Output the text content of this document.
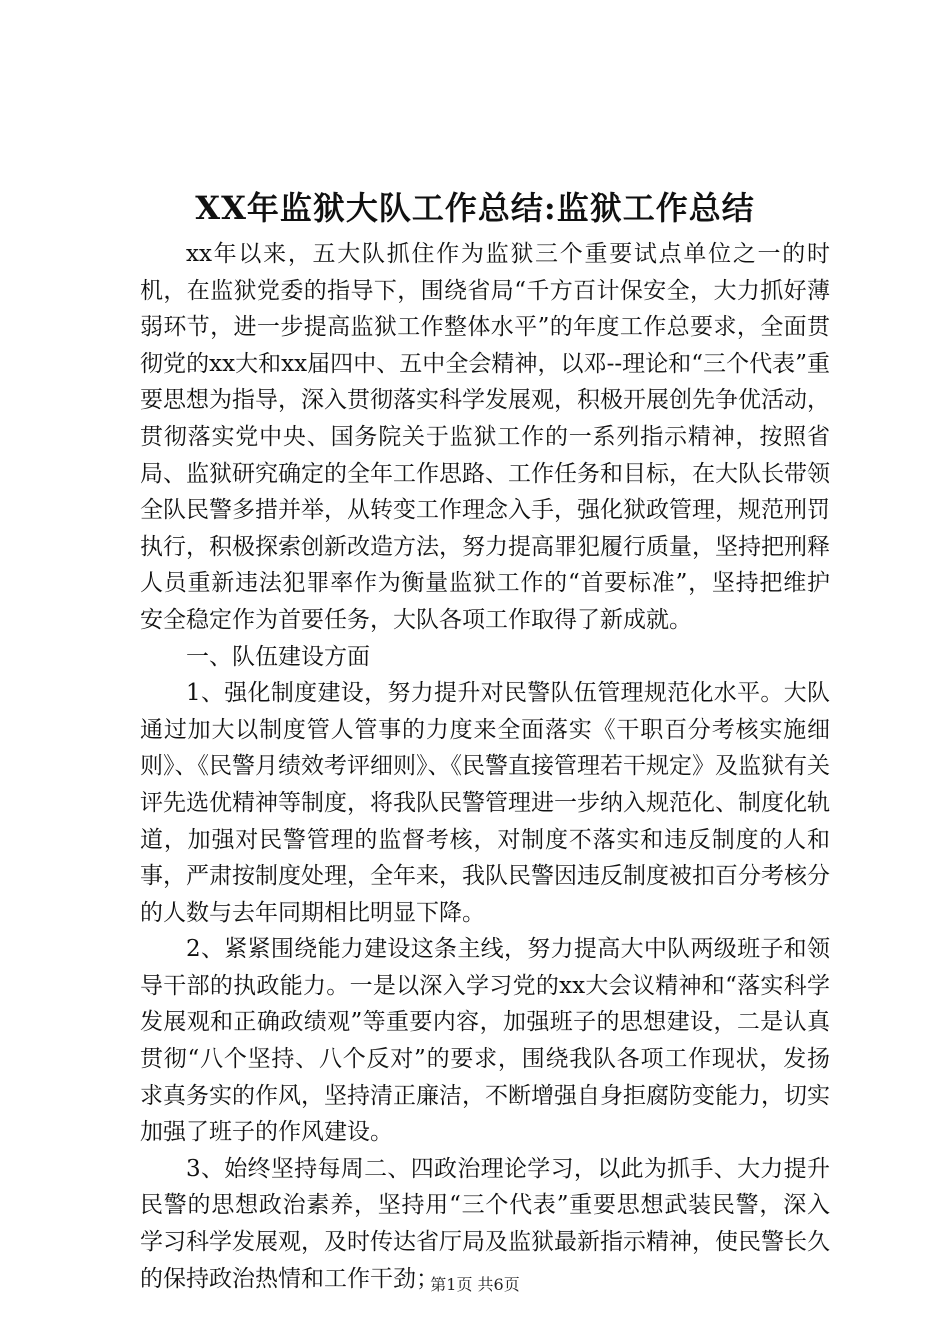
XX年监狱大队工作总结:监狱工作总结

xx年以来，五大队抓住作为监狱三个重要试点单位之一的时机，在监狱党委的指导下，围绕省局“千方百计保安全，大力抓好薄弱环节，进一步提高监狱工作整体水平”的年度工作总要求，全面贯彻党的xx大和xx届四中、五中全会精神，以邓--理论和“三个代表”重要思想为指导，深入贯彻落实科学发展观，积极开展创先争优活动，贯彻落实党中央、国务院关于监狱工作的一系列指示精神，按照省局、监狱研究确定的全年工作思路、工作任务和目标，在大队长带领全队民警多措并举，从转变工作理念入手，强化狱政管理，规范刑罚执行，积极探索创新改造方法，努力提高罪犯履行质量，坚持把刑释人员重新违法犯罪率作为衡量监狱工作的“首要标准”，坚持把维护安全稳定作为首要任务，大队各项工作取得了新成就。

一、队伍建设方面

1、强化制度建设，努力提升对民警队伍管理规范化水平。大队通过加大以制度管人管事的力度来全面落实《干职百分考核实施细则》、《民警月绩效考评细则》、《民警直接管理若干规定》及监狱有关评先选优精神等制度，将我队民警管理进一步纳入规范化、制度化轨道，加强对民警管理的监督考核，对制度不落实和违反制度的人和事，严肃按制度处理，全年来，我队民警因违反制度被扣百分考核分的人数与去年同期相比明显下降。

2、紧紧围绕能力建设这条主线，努力提高大中队两级班子和领导干部的执政能力。一是以深入学习党的xx大会议精神和“落实科学发展观和正确政绩观”等重要内容，加强班子的思想建设，二是认真贯彻“八个坚持、八个反对”的要求，围绕我队各项工作现状，发扬求真务实的作风，坚持清正廉洁，不断增强自身拒腐防变能力，切实加强了班子的作风建设。

3、始终坚持每周二、四政治理论学习，以此为抓手、大力提升民警的思想政治素养，坚持用“三个代表”重要思想武装民警，深入学习科学发展观，及时传达省厅局及监狱最新指示精神，使民警长久的保持政治热情和工作干劲；

第1页 共6页
